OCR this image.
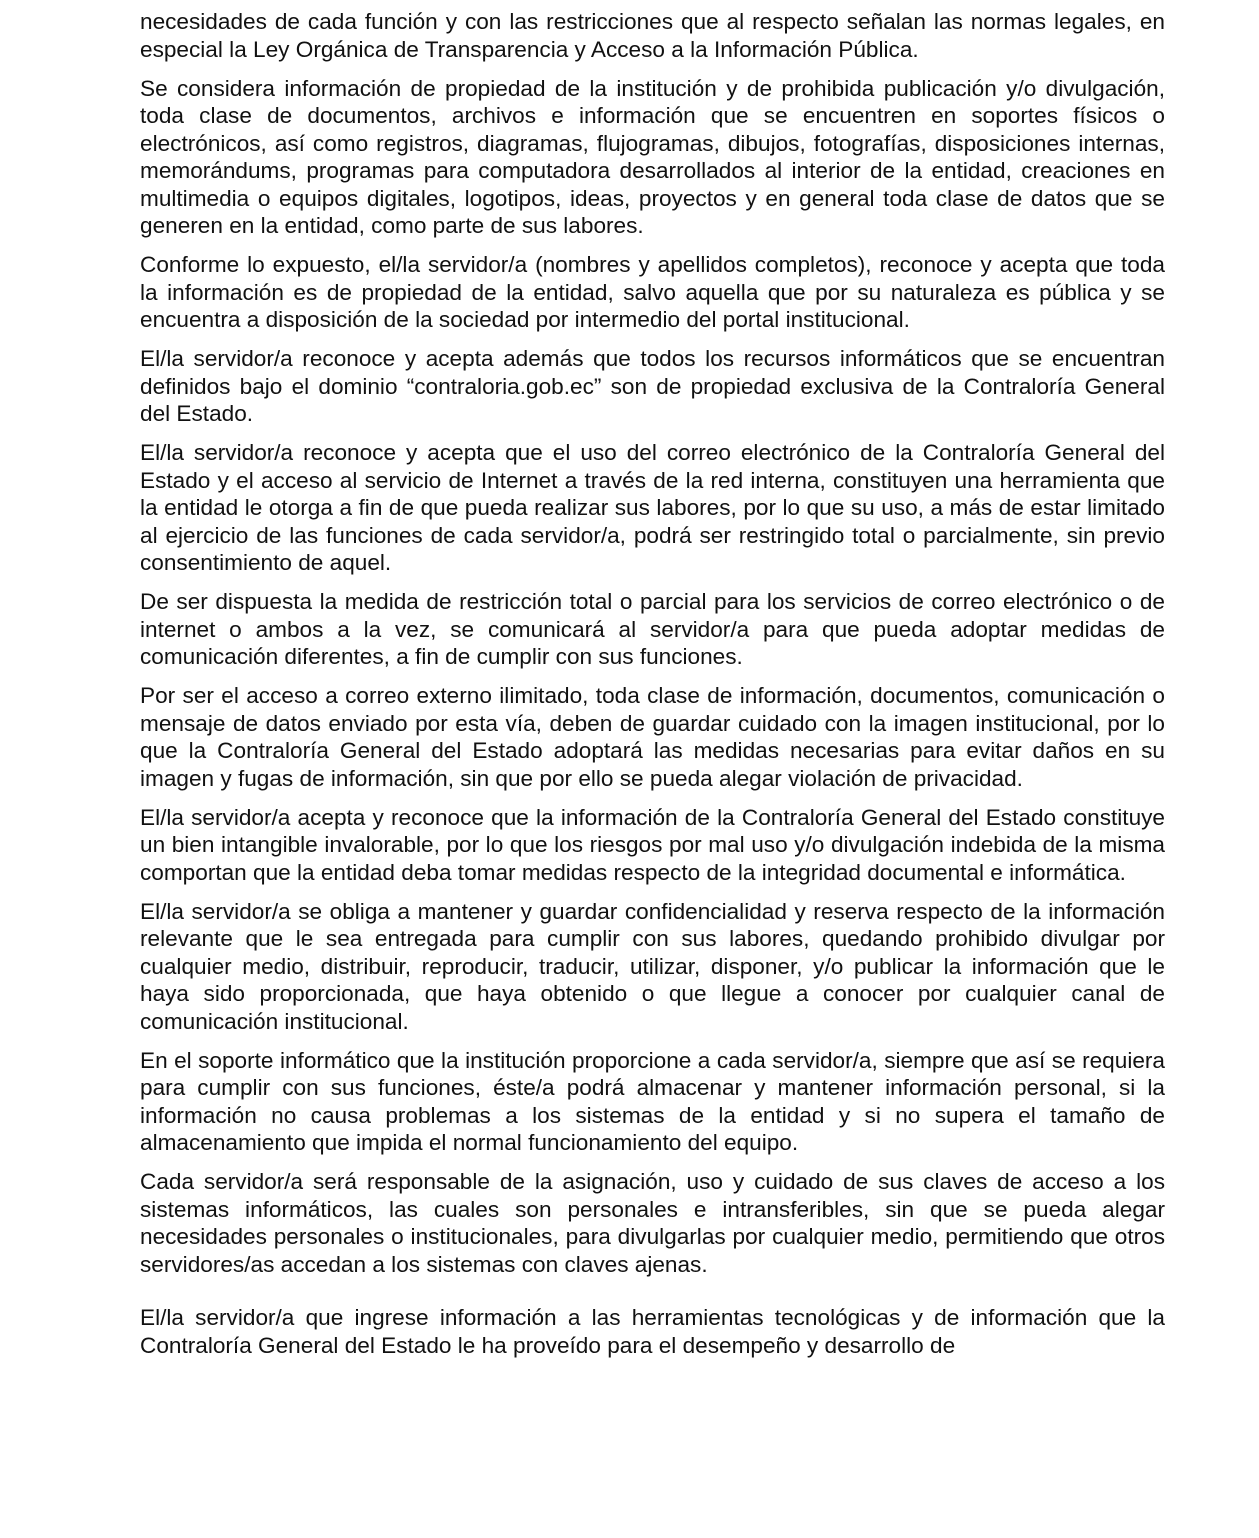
necesidades de cada función y con las restricciones que al respecto señalan las normas legales, en especial la Ley Orgánica de Transparencia y Acceso a la Información Pública.

Se considera información de propiedad de la institución y de prohibida publicación y/o divulgación, toda clase de documentos, archivos e información que se encuentren en soportes físicos o electrónicos, así como registros, diagramas, flujogramas, dibujos, fotografías, disposiciones internas, memorándums, programas para computadora desarrollados al interior de la entidad, creaciones en multimedia o equipos digitales, logotipos, ideas, proyectos y en general toda clase de datos que se generen en la entidad, como parte de sus labores.

Conforme lo expuesto, el/la servidor/a (nombres y apellidos completos), reconoce y acepta que toda la información es de propiedad de la entidad, salvo aquella que por su naturaleza es pública y se encuentra a disposición de la sociedad por intermedio del portal institucional.

El/la servidor/a reconoce y acepta además que todos los recursos informáticos que se encuentran definidos bajo el dominio “contraloria.gob.ec” son de propiedad exclusiva de la Contraloría General del Estado.

El/la servidor/a reconoce y acepta que el uso del correo electrónico de la Contraloría General del Estado y el acceso al servicio de Internet a través de la red interna, constituyen una herramienta que la entidad le otorga a fin de que pueda realizar sus labores, por lo que su uso, a más de estar limitado al ejercicio de las funciones de cada servidor/a, podrá ser restringido total o parcialmente, sin previo consentimiento de aquel.

De ser dispuesta la medida de restricción total o parcial para los servicios de correo electrónico o de internet o ambos a la vez, se comunicará al servidor/a para que pueda adoptar medidas de comunicación diferentes, a fin de cumplir con sus funciones.

Por ser el acceso a correo externo ilimitado, toda clase de información, documentos, comunicación o mensaje de datos enviado por esta vía, deben de guardar cuidado con la imagen institucional, por lo que la Contraloría General del Estado adoptará las medidas necesarias para evitar daños en su imagen y fugas de información, sin que por ello se pueda alegar violación de privacidad.

El/la servidor/a acepta y reconoce que la información de la Contraloría General del Estado constituye un bien intangible invalorable, por lo que los riesgos por mal uso y/o divulgación indebida de la misma comportan que la entidad deba tomar medidas respecto de la integridad documental e informática.

El/la servidor/a se obliga a mantener y guardar confidencialidad y reserva respecto de la información relevante que le sea entregada para cumplir con sus labores, quedando prohibido divulgar por cualquier medio, distribuir, reproducir, traducir, utilizar, disponer, y/o publicar la información que le haya sido proporcionada, que haya obtenido o que llegue a conocer por cualquier canal de comunicación institucional.

En el soporte informático que la institución proporcione a cada servidor/a, siempre que así se requiera para cumplir con sus funciones, éste/a podrá almacenar y mantener información personal, si la información no causa problemas a los sistemas de la entidad y si no supera el tamaño de almacenamiento que impida el normal funcionamiento del equipo.

Cada servidor/a será responsable de la asignación, uso y cuidado de sus claves de acceso a los sistemas informáticos, las cuales son personales e intransferibles, sin que se pueda alegar necesidades personales o institucionales, para divulgarlas por cualquier medio, permitiendo que otros servidores/as accedan a los sistemas con claves ajenas.

El/la servidor/a que ingrese información a las herramientas tecnológicas y de información que la Contraloría General del Estado le ha proveído para el desempeño y desarrollo de
